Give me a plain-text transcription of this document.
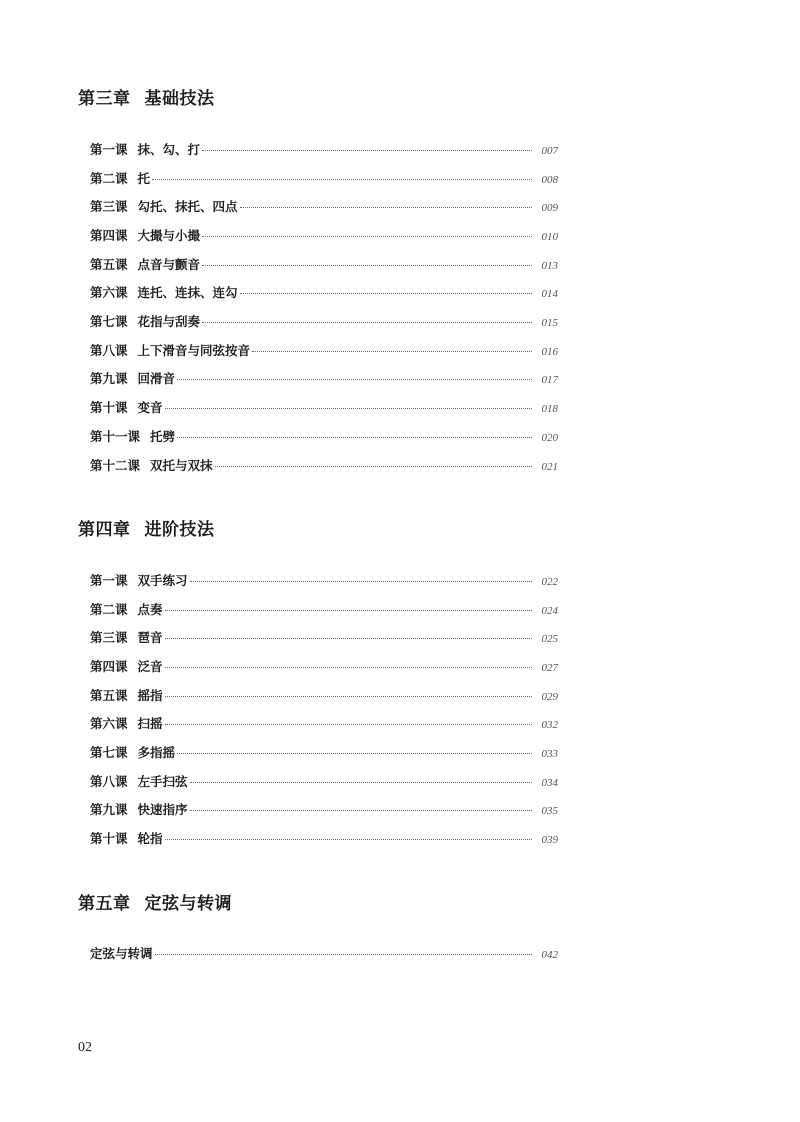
第三章 基础技法
第一课 抹、勾、打	007
第二课 托	008
第三课 勾托、抹托、四点	009
第四课 大撮与小撮	010
第五课 点音与颤音	013
第六课 连托、连抹、连勾	014
第七课 花指与刮奏	015
第八课 上下滑音与同弦按音	016
第九课 回滑音	017
第十课 变音	018
第十一课 托劈	020
第十二课 双托与双抹	021
第四章 进阶技法
第一课 双手练习	022
第二课 点奏	024
第三课 琶音	025
第四课 泛音	027
第五课 摇指	029
第六课 扫摇	032
第七课 多指摇	033
第八课 左手扫弦	034
第九课 快速指序	035
第十课 轮指	039
第五章 定弦与转调
定弦与转调	042
02
